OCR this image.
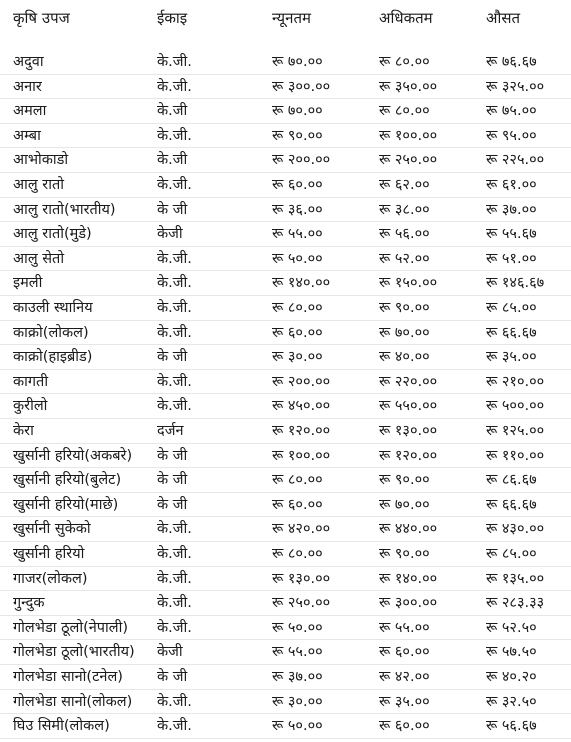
कृषि उपज	ईकाइ	न्यूनतम	अधिकतम	औसत
अदुवा	के.जी.	रू ७०.००	रू ८०.००	रू ७६.६७
अनार	के.जी.	रू ३००.००	रू ३५०.००	रू ३२५.००
अमला	के.जी	रू ७०.००	रू ८०.००	रू ७५.००
अम्बा	के.जी.	रू ९०.००	रू १००.००	रू ९५.००
आभोकाडो	के.जी	रू २००.००	रू २५०.००	रू २२५.००
आलु रातो	के.जी.	रू ६०.००	रू ६२.००	रू ६१.००
आलु रातो(भारतीय)	के जी	रू ३६.००	रू ३८.००	रू ३७.००
आलु रातो(मुडे)	केजी	रू ५५.००	रू ५६.००	रू ५५.६७
आलु सेतो	के.जी.	रू ५०.००	रू ५२.००	रू ५१.००
इमली	के.जी.	रू १४०.००	रू १५०.००	रू १४६.६७
काउली स्थानिय	के.जी.	रू ८०.००	रू ९०.००	रू ८५.००
काक्रो(लोकल)	के.जी.	रू ६०.००	रू ७०.००	रू ६६.६७
काक्रो(हाइब्रीड)	के जी	रू ३०.००	रू ४०.००	रू ३५.००
कागती	के.जी.	रू २००.००	रू २२०.००	रू २१०.००
कुरीलो	के.जी.	रू ४५०.००	रू ५५०.००	रू ५००.००
केरा	दर्जन	रू १२०.००	रू १३०.००	रू १२५.००
खुर्सानी हरियो(अकबरे)	के जी	रू १००.००	रू १२०.००	रू ११०.००
खुर्सानी हरियो(बुलेट)	के जी	रू ८०.००	रू ९०.००	रू ८६.६७
खुर्सानी हरियो(माछे)	के जी	रू ६०.००	रू ७०.००	रू ६६.६७
खुर्सानी सुकेको	के.जी.	रू ४२०.००	रू ४४०.००	रू ४३०.००
खुर्सानी हरियो	के.जी.	रू ८०.००	रू ९०.००	रू ८५.००
गाजर(लोकल)	के.जी.	रू १३०.००	रू १४०.००	रू १३५.००
गुन्दुक	के.जी.	रू २५०.००	रू ३००.००	रू २८३.३३
गोलभेडा ठूलो(नेपाली)	के.जी.	रू ५०.००	रू ५५.००	रू ५२.५०
गोलभेडा ठूलो(भारतीय)	केजी	रू ५५.००	रू ६०.००	रू ५७.५०
गोलभेडा सानो(टनेल)	के जी	रू ३७.००	रू ४२.००	रू ४०.२०
गोलभेडा सानो(लोकल)	के.जी.	रू ३०.००	रू ३५.००	रू ३२.५०
घिउ सिमी(लोकल)	के.जी.	रू ५०.००	रू ६०.००	रू ५६.६७
